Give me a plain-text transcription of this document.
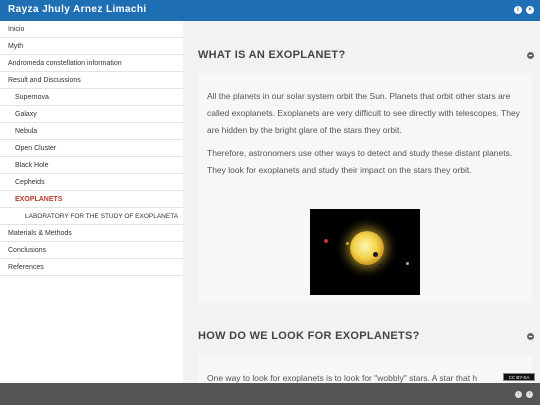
Rayza Jhuly Arnez Limachi	i	×
Inicio
Myth
Andromeda constellation information
Result and Discussions
Supernova
Galaxy
Nebula
Open Cluster
Black Hole
Cepheids
EXOPLANETS
LABORATORY FOR THE STUDY OF EXOPLANETA
Materials & Methods
Conclusions
References
WHAT IS AN EXOPLANET?

All the planets in our solar system orbit the Sun. Planets that orbit other stars are called exoplanets. Exoplanets are very difficult to see directly with telescopes. They are hidden by the bright glare of the stars they orbit.

Therefore, astronomers use other ways to detect and study these distant planets. They look for exoplanets and study their impact on the stars they orbit.

HOW DO WE LOOK FOR EXOPLANETS?

One way to look for exoplanets is to look for "wobbly" stars. A star that h	CC BY-SA
‹	›
